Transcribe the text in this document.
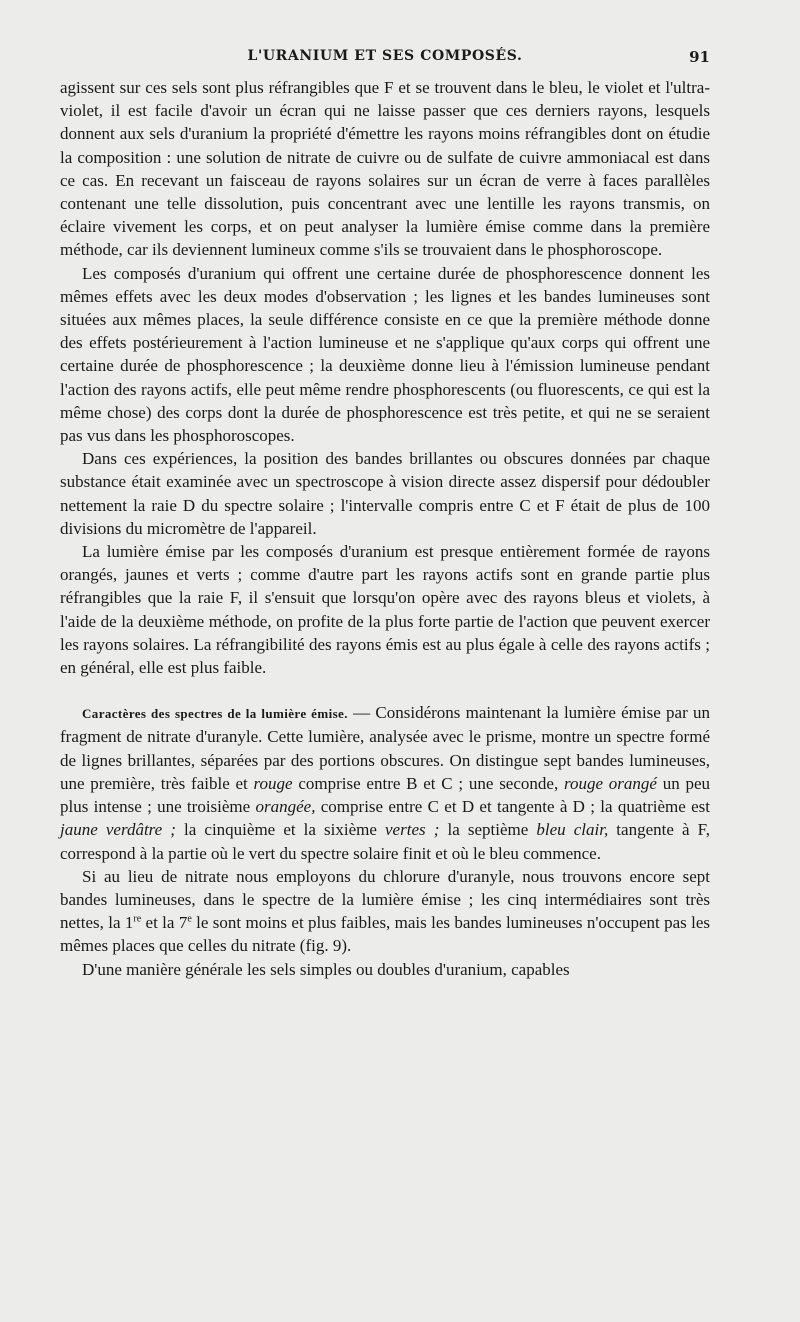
L'URANIUM ET SES COMPOSÉS.	91

agissent sur ces sels sont plus réfrangibles que F et se trouvent dans le bleu, le violet et l'ultra-violet, il est facile d'avoir un écran qui ne laisse passer que ces derniers rayons, lesquels donnent aux sels d'uranium la propriété d'émettre les rayons moins réfrangibles dont on étudie la composition : une solution de nitrate de cuivre ou de sulfate de cuivre ammoniacal est dans ce cas. En recevant un faisceau de rayons solaires sur un écran de verre à faces parallèles contenant une telle dissolution, puis concentrant avec une lentille les rayons transmis, on éclaire vivement les corps, et on peut analyser la lumière émise comme dans la première méthode, car ils deviennent lumineux comme s'ils se trouvaient dans le phosphoroscope.

Les composés d'uranium qui offrent une certaine durée de phosphorescence donnent les mêmes effets avec les deux modes d'observation ; les lignes et les bandes lumineuses sont situées aux mêmes places, la seule différence consiste en ce que la première méthode donne des effets postérieurement à l'action lumineuse et ne s'applique qu'aux corps qui offrent une certaine durée de phosphorescence ; la deuxième donne lieu à l'émission lumineuse pendant l'action des rayons actifs, elle peut même rendre phosphorescents (ou fluorescents, ce qui est la même chose) des corps dont la durée de phosphorescence est très petite, et qui ne se seraient pas vus dans les phosphoroscopes.

Dans ces expériences, la position des bandes brillantes ou obscures données par chaque substance était examinée avec un spectroscope à vision directe assez dispersif pour dédoubler nettement la raie D du spectre solaire ; l'intervalle compris entre C et F était de plus de 100 divisions du micromètre de l'appareil.

La lumière émise par les composés d'uranium est presque entièrement formée de rayons orangés, jaunes et verts ; comme d'autre part les rayons actifs sont en grande partie plus réfrangibles que la raie F, il s'ensuit que lorsqu'on opère avec des rayons bleus et violets, à l'aide de la deuxième méthode, on profite de la plus forte partie de l'action que peuvent exercer les rayons solaires. La réfrangibilité des rayons émis est au plus égale à celle des rayons actifs ; en général, elle est plus faible.

Caractères des spectres de la lumière émise. — Considérons maintenant la lumière émise par un fragment de nitrate d'uranyle. Cette lumière, analysée avec le prisme, montre un spectre formé de lignes brillantes, séparées par des portions obscures. On distingue sept bandes lumineuses, une première, très faible et rouge comprise entre B et C ; une seconde, rouge orangé un peu plus intense ; une troisième orangée, comprise entre C et D et tangente à D ; la quatrième est jaune verdâtre ; la cinquième et la sixième vertes ; la septième bleu clair, tangente à F, correspond à la partie où le vert du spectre solaire finit et où le bleu commence.

Si au lieu de nitrate nous employons du chlorure d'uranyle, nous trouvons encore sept bandes lumineuses, dans le spectre de la lumière émise ; les cinq intermédiaires sont très nettes, la 1re et la 7e le sont moins et plus faibles, mais les bandes lumineuses n'occupent pas les mêmes places que celles du nitrate (fig. 9).

D'une manière générale les sels simples ou doubles d'uranium, capables
